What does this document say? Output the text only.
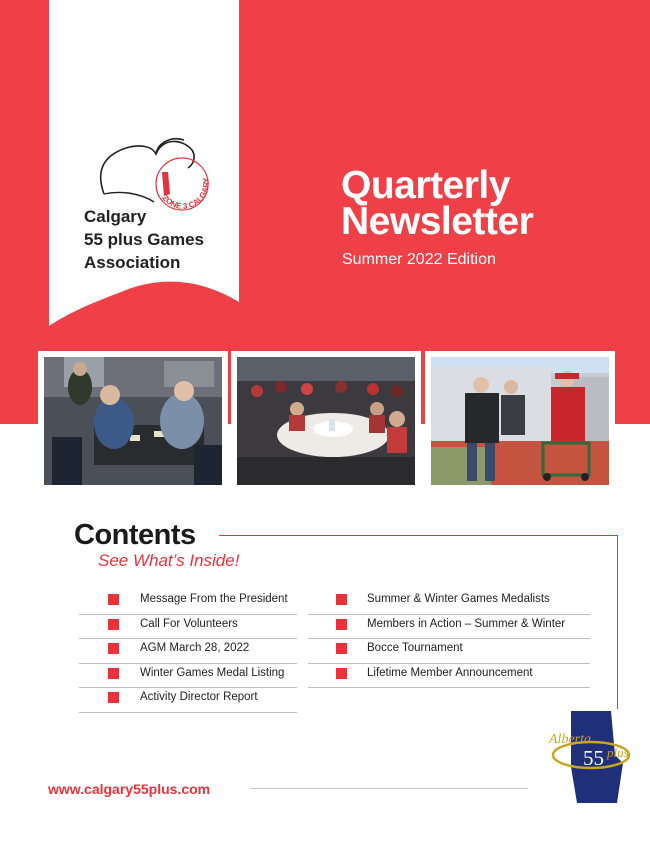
ZONE 3 CALGARY
Calgary
55 plus Games
Association
Quarterly
Newsletter
Summer 2022 Edition
Contents
See What’s Inside!
Message From the President
Call For Volunteers
AGM March 28, 2022
Winter Games Medal Listing
Activity Director Report
Summer & Winter Games Medalists
Members in Action – Summer & Winter
Bocce Tournament
Lifetime Member Announcement
Alberta
55 plus
www.calgary55plus.com
